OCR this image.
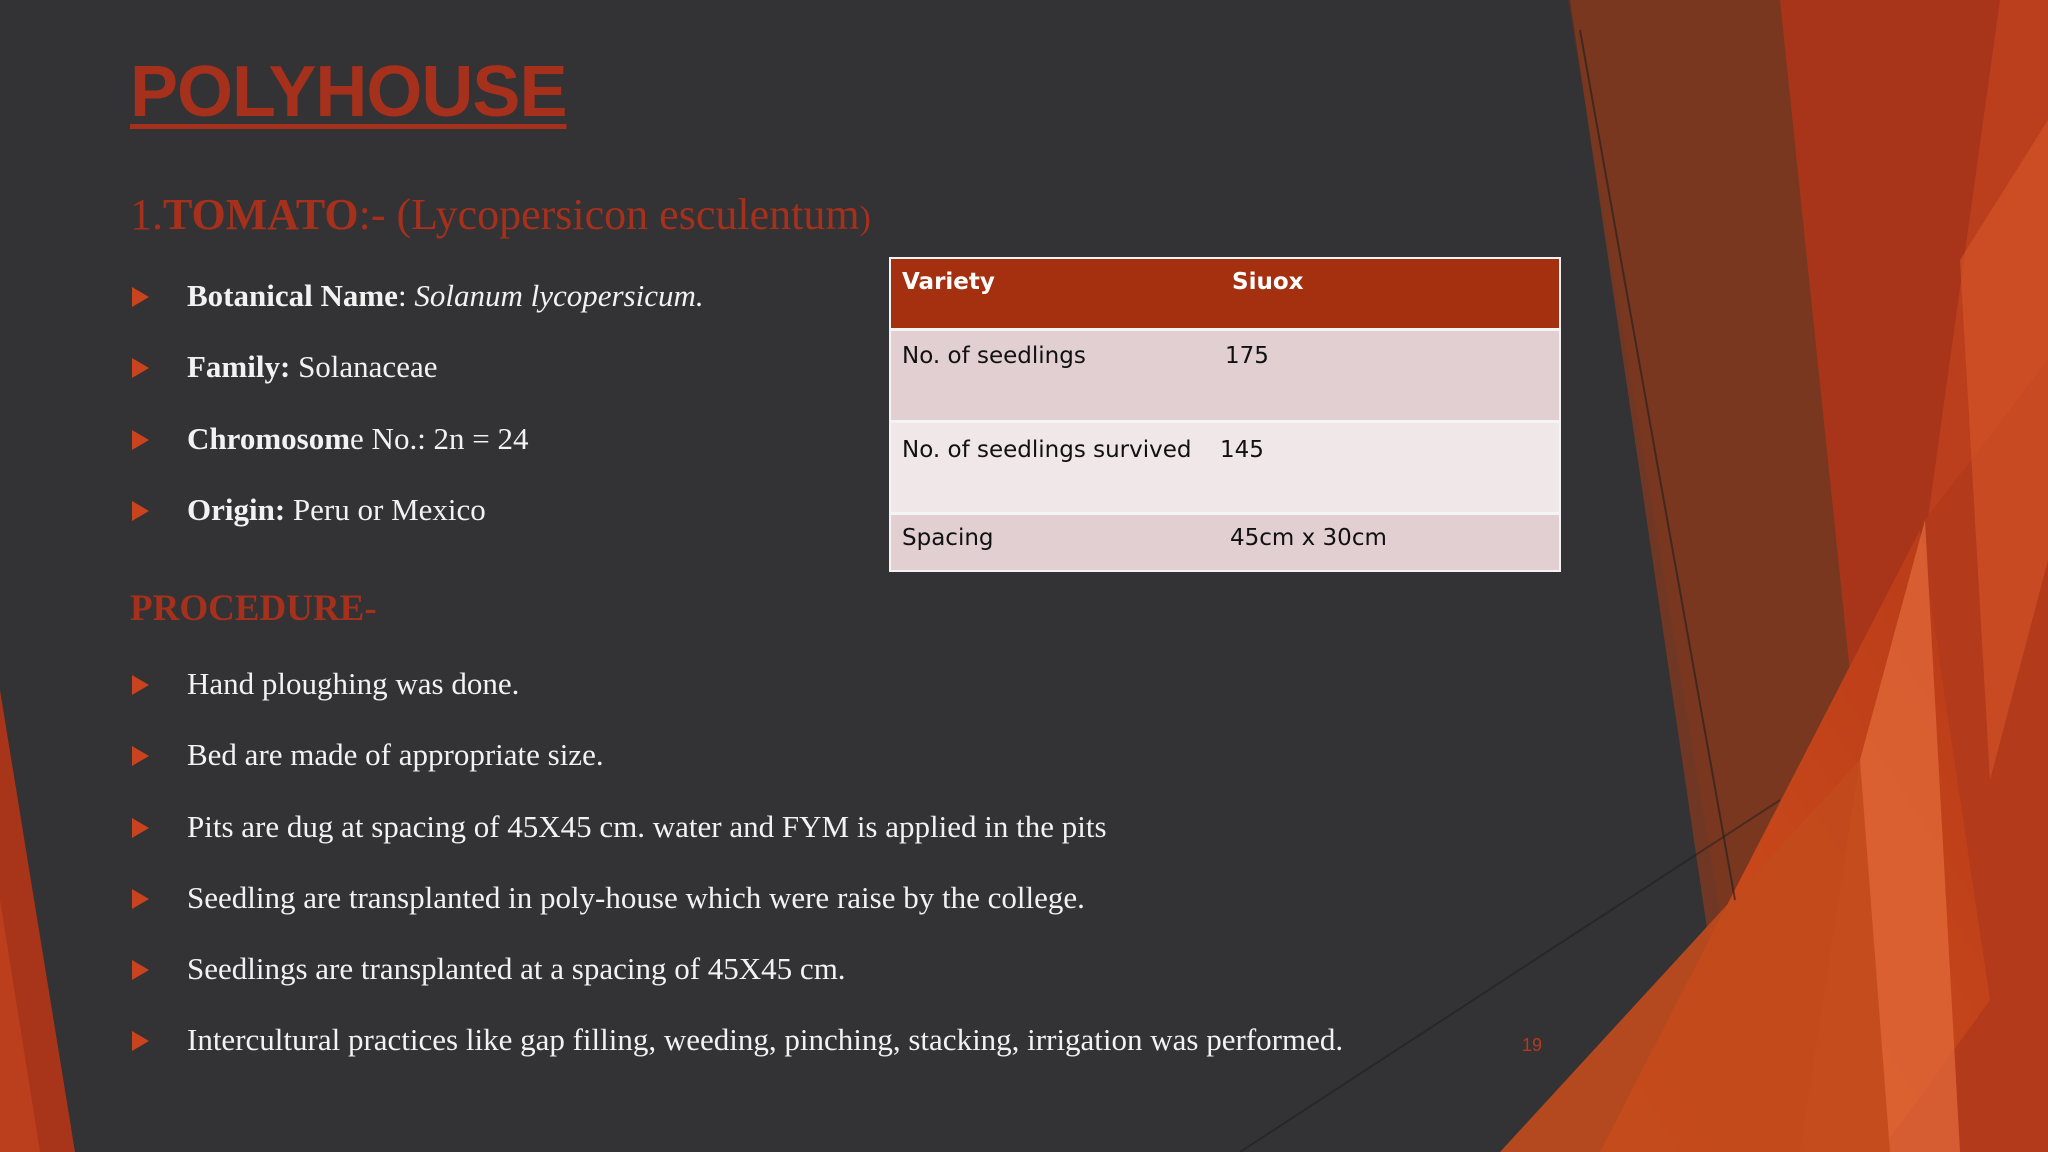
POLYHOUSE
1.TOMATO:- (Lycopersicon esculentum)
Botanical Name: Solanum lycopersicum.
Family: Solanaceae
Chromosome No.: 2n = 24
Origin: Peru or Mexico
PROCEDURE-
Hand ploughing was done.
Bed are made of appropriate size.
Pits are dug at spacing of 45X45 cm. water and FYM is applied in the pits
Seedling are transplanted in poly-house which were raise by the college.
Seedlings are transplanted at a spacing of 45X45 cm.
Intercultural practices like gap filling, weeding, pinching, stacking, irrigation was performed.
Variety	Siuox
No. of seedlings	175
No. of seedlings survived	145
Spacing	45cm x 30cm
19
